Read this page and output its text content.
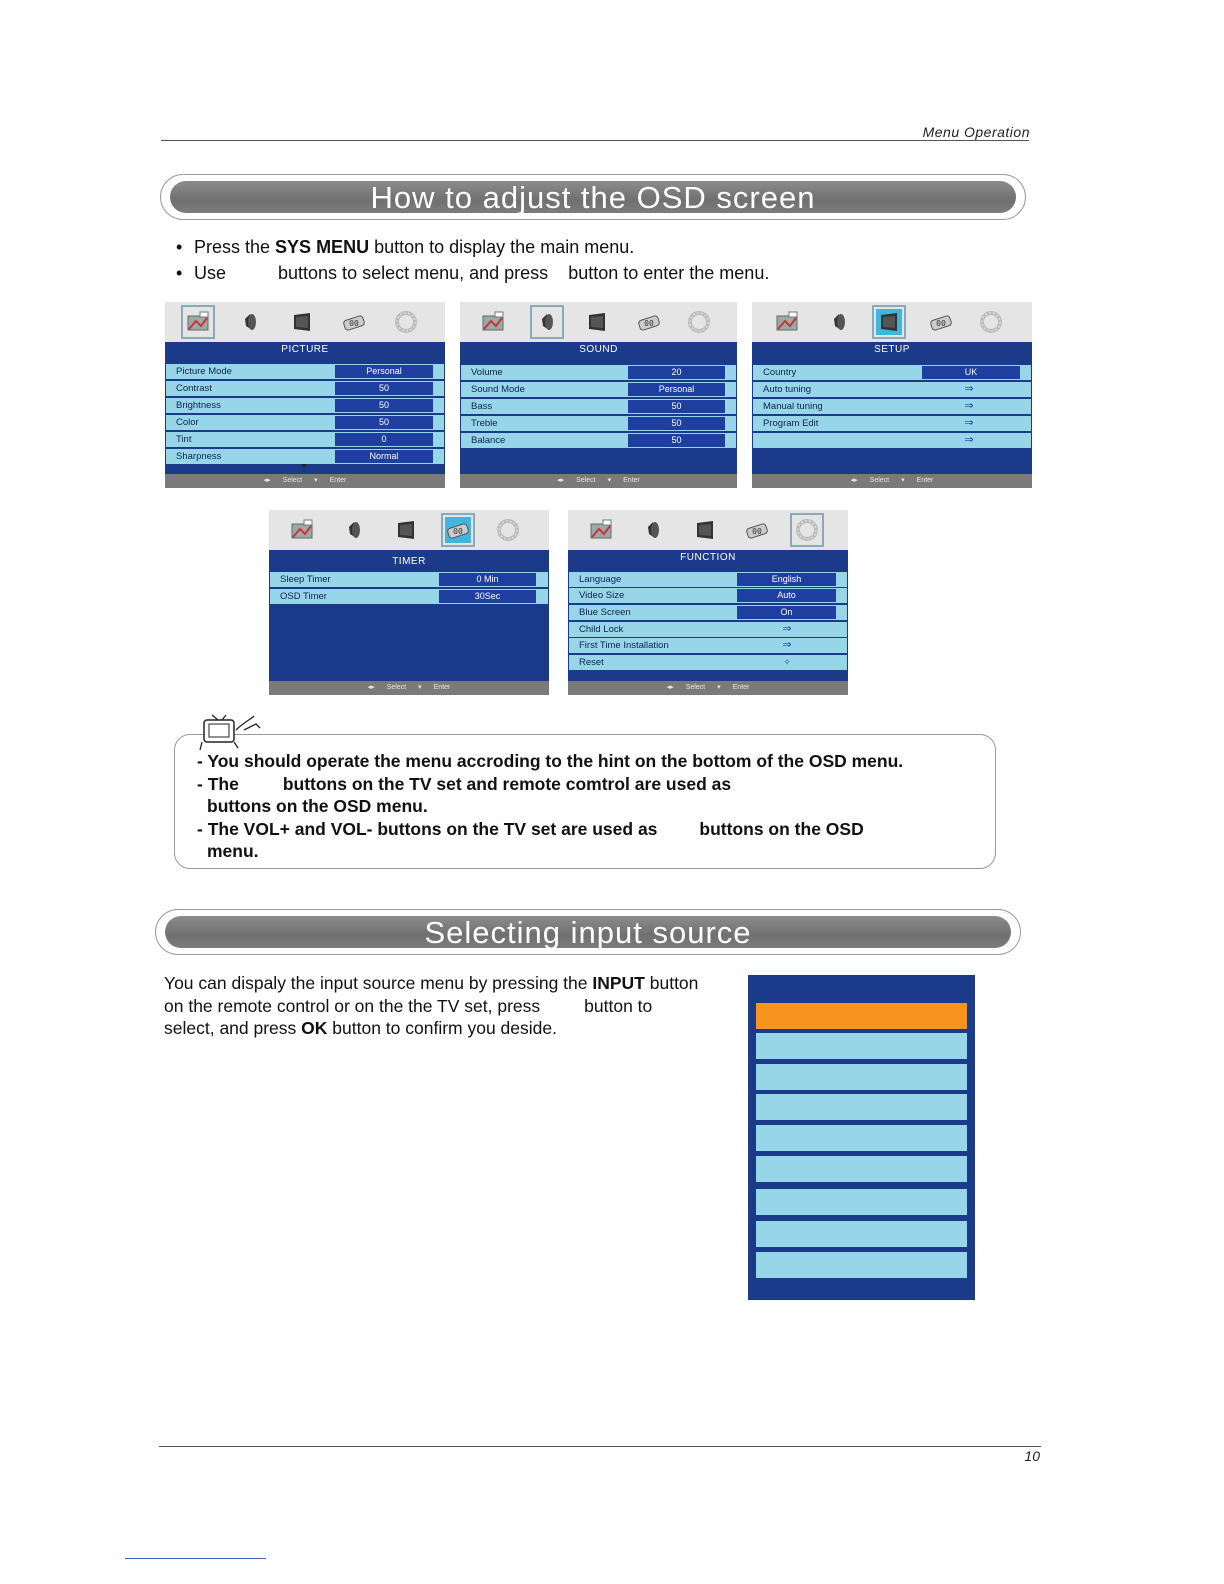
Menu Operation
How to adjust the OSD screen
• Press the SYS MENU button to display the main menu.
• Use	buttons to select menu, and press button to enter the menu.
PICTURE
Picture Mode	Personal
Contrast	50
Brightness	50
Color	50
Tint	0
Sharpness	Normal
◂▸ Select ▾ Enter
SOUND
Volume	20
Sound Mode	Personal
Bass	50
Treble	50
Balance	50
◂▸ Select ▾ Enter
SETUP
Country	UK
Auto tuning	⇒
Manual tuning	⇒
Program Edit	⇒
⇒
◂▸ Select ▾ Enter
TIMER
Sleep Timer	0 Min
OSD Timer	30Sec
◂▸ Select ▾ Enter
FUNCTION
Language	English
Video Size	Auto
Blue Screen	On
Child Lock	⇒
First Time Installation	⇒
Reset	✧
◂▸ Select ▾ Enter
- You should operate the menu accroding to the hint on the bottom of the OSD menu.
- The	buttons on the TV set and remote comtrol are used as
buttons on the OSD menu.
- The VOL+ and VOL- buttons on the TV set are used as buttons on the OSD
menu.
Selecting input source
You can dispaly the input source menu by pressing the INPUT button
on the remote control or on the the TV set, press	button to
select, and press OK button to confirm you deside.
10
